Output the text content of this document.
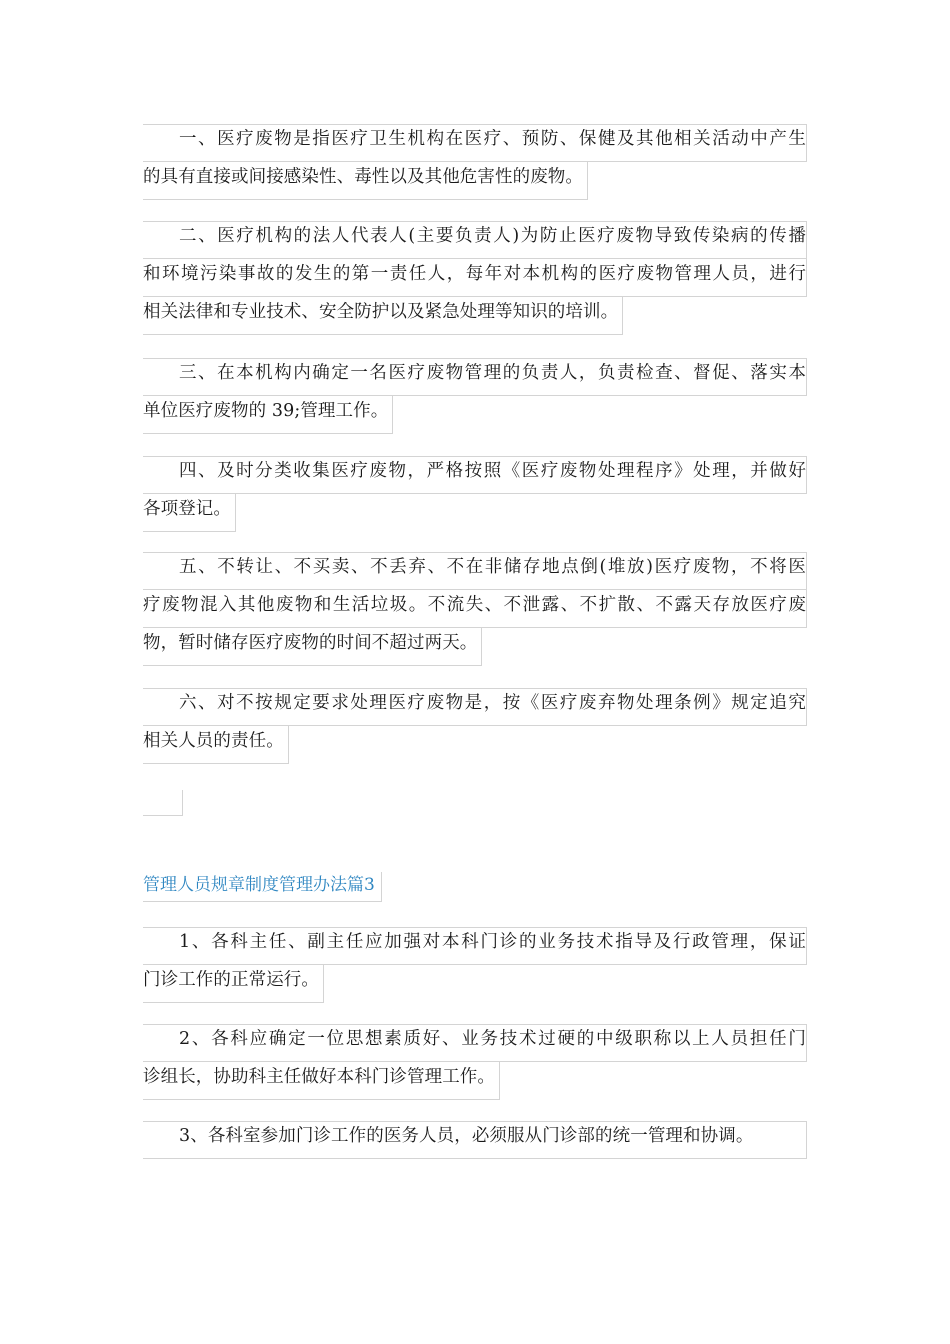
一、医疗废物是指医疗卫生机构在医疗、预防、保健及其他相关活动中产生
的具有直接或间接感染性、毒性以及其他危害性的废物。
二、医疗机构的法人代表人(主要负责人)为防止医疗废物导致传染病的传播
和环境污染事故的发生的第一责任人，每年对本机构的医疗废物管理人员，进行
相关法律和专业技术、安全防护以及紧急处理等知识的培训。
三、在本机构内确定一名医疗废物管理的负责人，负责检查、督促、落实本
单位医疗废物的 39;管理工作。
四、及时分类收集医疗废物，严格按照《医疗废物处理程序》处理，并做好
各项登记。
五、不转让、不买卖、不丢弃、不在非储存地点倒(堆放)医疗废物，不将医
疗废物混入其他废物和生活垃圾。不流失、不泄露、不扩散、不露天存放医疗废
物，暂时储存医疗废物的时间不超过两天。
六、对不按规定要求处理医疗废物是，按《医疗废弃物处理条例》规定追究
相关人员的责任。
管理人员规章制度管理办法篇3
1、各科主任、副主任应加强对本科门诊的业务技术指导及行政管理，保证
门诊工作的正常运行。
2、各科应确定一位思想素质好、业务技术过硬的中级职称以上人员担任门
诊组长，协助科主任做好本科门诊管理工作。
3、各科室参加门诊工作的医务人员，必须服从门诊部的统一管理和协调。
